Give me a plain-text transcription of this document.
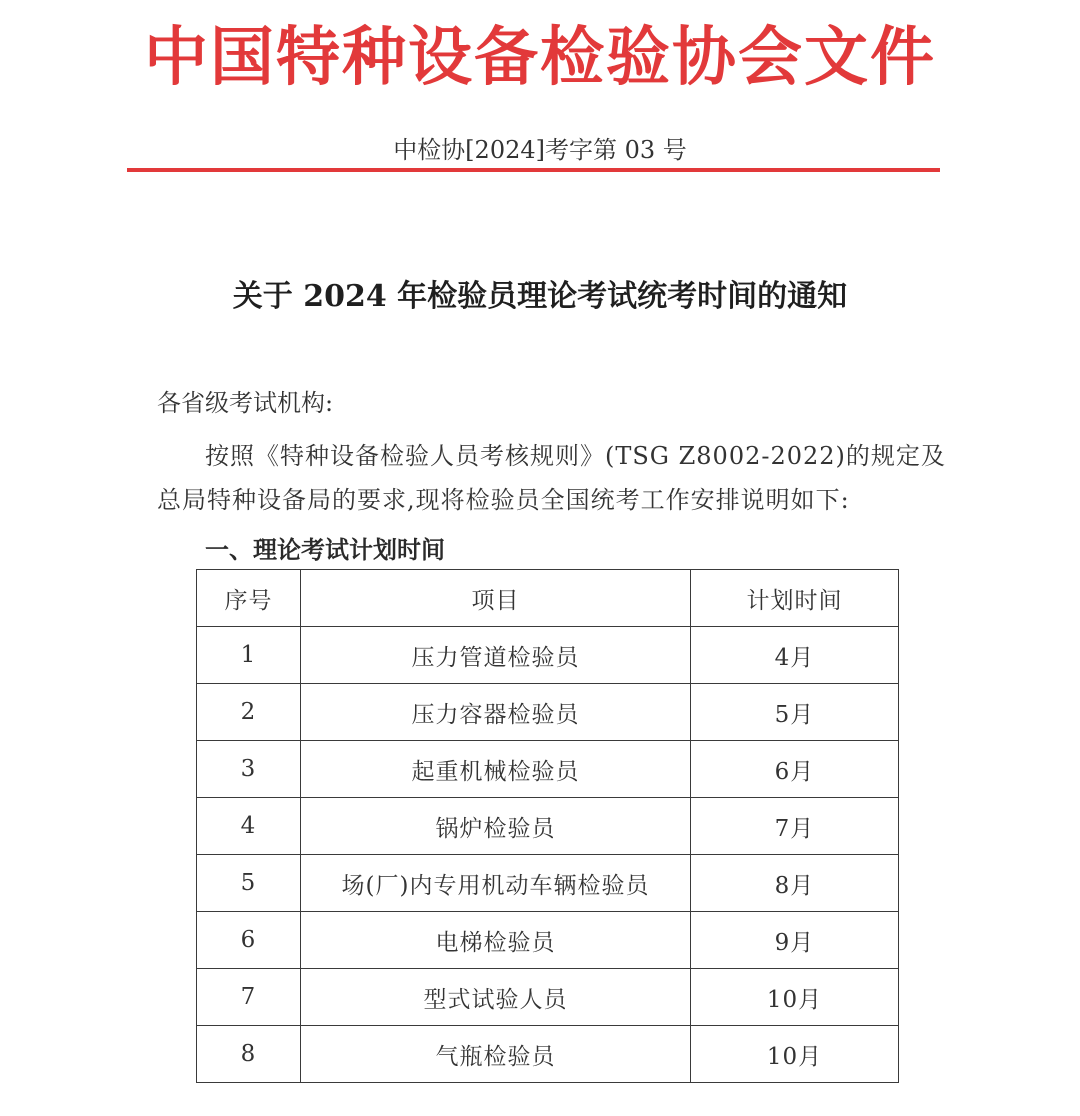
中国特种设备检验协会文件
中检协[2024]考字第 03 号
关于 2024 年检验员理论考试统考时间的通知
各省级考试机构:
按照《特种设备检验人员考核规则》(TSG Z8002-2022)的规定及
总局特种设备局的要求,现将检验员全国统考工作安排说明如下:
一、理论考试计划时间
序号	项目	计划时间
1	压力管道检验员	4月
2	压力容器检验员	5月
3	起重机械检验员	6月
4	锅炉检验员	7月
5	场(厂)内专用机动车辆检验员	8月
6	电梯检验员	9月
7	型式试验人员	10月
8	气瓶检验员	10月
